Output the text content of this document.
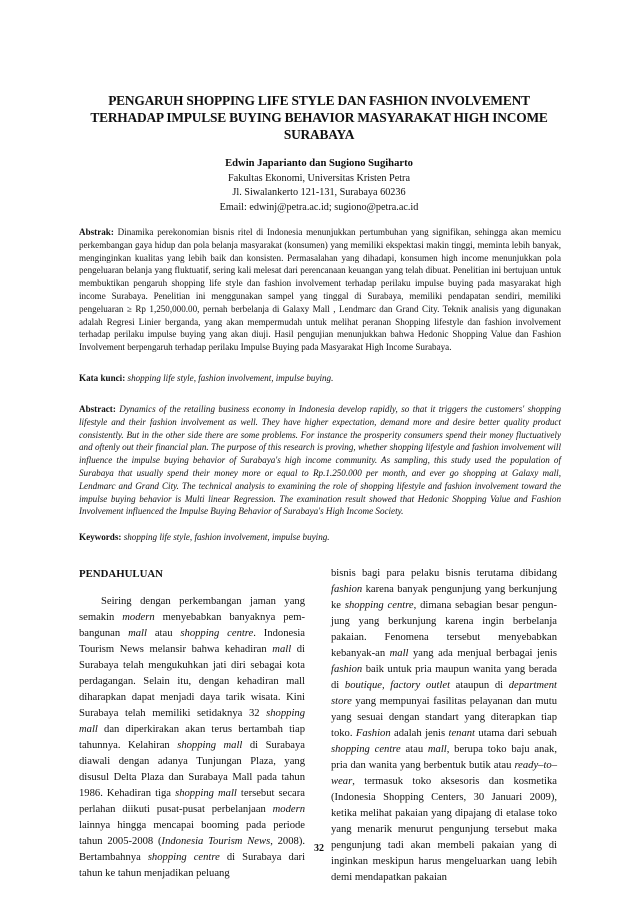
PENGARUH SHOPPING LIFE STYLE DAN FASHION INVOLVEMENT TERHADAP IMPULSE BUYING BEHAVIOR MASYARAKAT HIGH INCOME SURABAYA
Edwin Japarianto dan Sugiono Sugiharto
Fakultas Ekonomi, Universitas Kristen Petra
Jl. Siwalankerto 121-131, Surabaya 60236
Email: edwinj@petra.ac.id; sugiono@petra.ac.id
Abstrak: Dinamika perekonomian bisnis ritel di Indonesia menunjukkan pertumbuhan yang signifikan, sehingga akan memicu perkembangan gaya hidup dan pola belanja masyarakat (konsumen) yang memiliki ekspektasi makin tinggi, meminta lebih banyak, menginginkan kualitas yang lebih baik dan konsisten. Permasalahan yang dihadapi, konsumen high income menunjukkan pola pengeluaran belanja yang fluktuatif, sering kali melesat dari perencanaan keuangan yang telah dibuat. Penelitian ini bertujuan untuk membuktikan pengaruh shopping life style dan fashion involvement terhadap perilaku impulse buying pada masyarakat high income Surabaya. Penelitian ini menggunakan sampel yang tinggal di Surabaya, memiliki pendapatan sendiri, memiliki pengeluaran ≥ Rp 1,250,000.00, pernah berbelanja di Galaxy Mall , Lendmarc dan Grand City. Teknik analisis yang digunakan adalah Regresi Linier berganda, yang akan mempermudah untuk melihat peranan Shopping lifestyle dan fashion involvement terhadap perilaku impulse buying yang akan diuji. Hasil pengujian menunjukkan bahwa Hedonic Shopping Value dan Fashion Involvement berpengaruh terhadap perilaku Impulse Buying pada Masyarakat High Income Surabaya.
Kata kunci: shopping life style, fashion involvement, impulse buying.
Abstract: Dynamics of the retailing business economy in Indonesia develop rapidly, so that it triggers the customers' shopping lifestyle and their fashion involvement as well. They have higher expectation, demand more and desire better quality product consistently. But in the other side there are some problems. For instance the prosperity consumers spend their money fluctuatively and oftenly out their financial plan. The purpose of this research is proving, whether shopping lifestyle and fashion involvement will influence the impulse buying behavior of Surabaya's high income community. As sampling, this study used the population of Surabaya that usually spend their money more or equal to Rp.1.250.000 per month, and ever go shopping at Galaxy mall, Lendmarc and Grand City. The technical analysis to examining the role of shopping lifestyle and fashion involvement toward the impulse buying behavior is Multi linear Regression. The examination result showed that Hedonic Shopping Value and Fashion Involvement influenced the Impulse Buying Behavior of Surabaya's High Income Society.
Keywords: shopping life style, fashion involvement, impulse buying.

PENDAHULUAN

Seiring dengan perkembangan jaman yang semakin modern menyebabkan banyaknya pem-bangunan mall atau shopping centre. Indonesia Tourism News melansir bahwa kehadiran mall di Surabaya telah mengukuhkan jati diri sebagai kota perdagangan. Selain itu, dengan kehadiran mall diharapkan dapat menjadi daya tarik wisata. Kini Surabaya telah memiliki setidaknya 32 shopping mall dan diperkirakan akan terus bertambah tiap tahunnya. Kelahiran shopping mall di Surabaya diawali dengan adanya Tunjungan Plaza, yang disusul Delta Plaza dan Surabaya Mall pada tahun 1986. Kehadiran tiga shopping mall tersebut secara perlahan diikuti pusat-pusat perbelanjaan modern lainnya hingga mencapai booming pada periode tahun 2005-2008 (Indonesia Tourism News, 2008). Bertambahnya shopping centre di Surabaya dari tahun ke tahun menjadikan peluang

bisnis bagi para pelaku bisnis terutama dibidang fashion karena banyak pengunjung yang berkunjung ke shopping centre, dimana sebagian besar pengun-jung yang berkunjung karena ingin berbelanja pakaian. Fenomena tersebut menyebabkan kebanyak-an mall yang ada menjual berbagai jenis fashion baik untuk pria maupun wanita yang berada di boutique, factory outlet ataupun di department store yang mempunyai fasilitas pelayanan dan mutu yang sesuai dengan standart yang diterapkan tiap toko. Fashion adalah jenis tenant utama dari sebuah shopping centre atau mall, berupa toko baju anak, pria dan wanita yang berbentuk butik atau ready–to–wear, termasuk toko aksesoris dan kosmetika (Indonesia Shopping Centers, 30 Januari 2009), ketika melihat pakaian yang dipajang di etalase toko yang menarik menurut pengunjung tersebut maka pengunjung tadi akan membeli pakaian yang di inginkan meskipun harus mengeluarkan uang lebih demi mendapatkan pakaian

32
